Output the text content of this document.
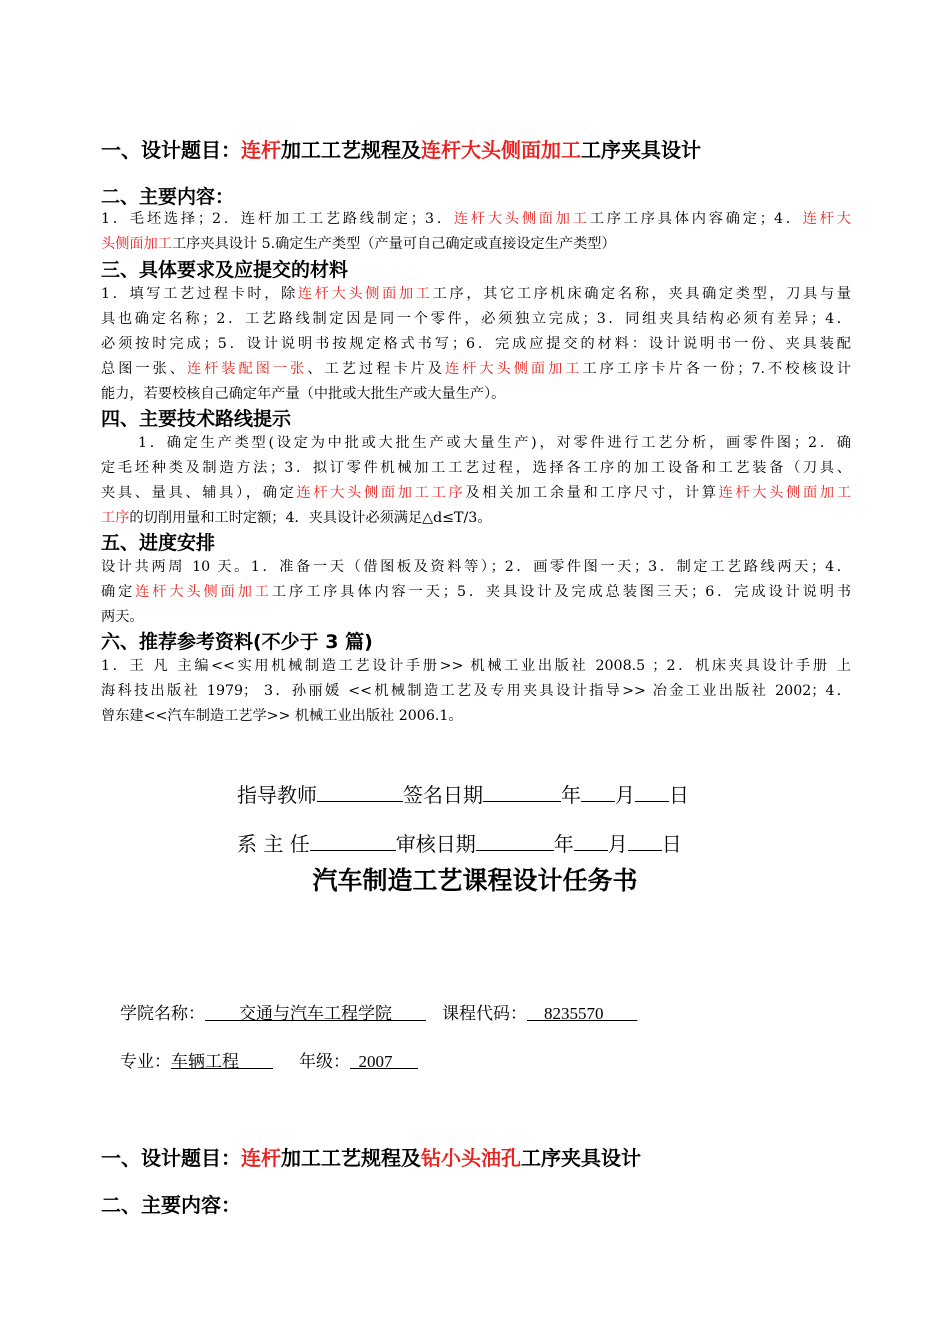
一、设计题目：连杆加工工艺规程及连杆大头侧面加工工序夹具设计
二、主要内容：
1．毛坯选择；2．连杆加工工艺路线制定；3．连杆大头侧面加工工序工序具体内容确定；4．连杆大
头侧面加工工序夹具设计 5.确定生产类型（产量可自己确定或直接设定生产类型）
三、具体要求及应提交的材料
1．填写工艺过程卡时，除连杆大头侧面加工工序，其它工序机床确定名称，夹具确定类型，刀具与量
具也确定名称；2．工艺路线制定因是同一个零件，必须独立完成；3．同组夹具结构必须有差异；4．
必须按时完成；5．设计说明书按规定格式书写；6．完成应提交的材料：设计说明书一份、夹具装配
总图一张、连杆装配图一张、工艺过程卡片及连杆大头侧面加工工序工序卡片各一份；7.不校核设计
能力，若要校核自己确定年产量（中批或大批生产或大量生产）。
四、主要技术路线提示
1．确定生产类型(设定为中批或大批生产或大量生产)，对零件进行工艺分析，画零件图；2．确
定毛坯种类及制造方法；3．拟订零件机械加工工艺过程，选择各工序的加工设备和工艺装备（刀具、
夹具、量具、辅具），确定连杆大头侧面加工工序及相关加工余量和工序尺寸，计算连杆大头侧面加工
工序的切削用量和工时定额；4．夹具设计必须满足△d≤T/3。
五、进度安排
设计共两周 10 天。1．准备一天（借图板及资料等）；2．画零件图一天；3．制定工艺路线两天；4．
确定连杆大头侧面加工工序工序具体内容一天；5．夹具设计及完成总装图三天；6．完成设计说明书
两天。
六、推荐参考资料(不少于 3 篇)
1．王 凡 主编<<实用机械制造工艺设计手册>> 机械工业出版社 2008.5 ；2．机床夹具设计手册 上
海科技出版社 1979； 3．孙丽媛 <<机械制造工艺及专用夹具设计指导>> 冶金工业出版社 2002；4．
曾东建<<汽车制造工艺学>> 机械工业出版社 2006.1。
指导教师	签名日期	年 月 日
系 主 任	审核日期	年 月 日
汽车制造工艺课程设计任务书
学院名称：     交通与汽车工程学院    	课程代码：   8235570    
专业：车辆工程    	年级：  2007   
一、设计题目：连杆加工工艺规程及钻小头油孔工序夹具设计
二、主要内容：
